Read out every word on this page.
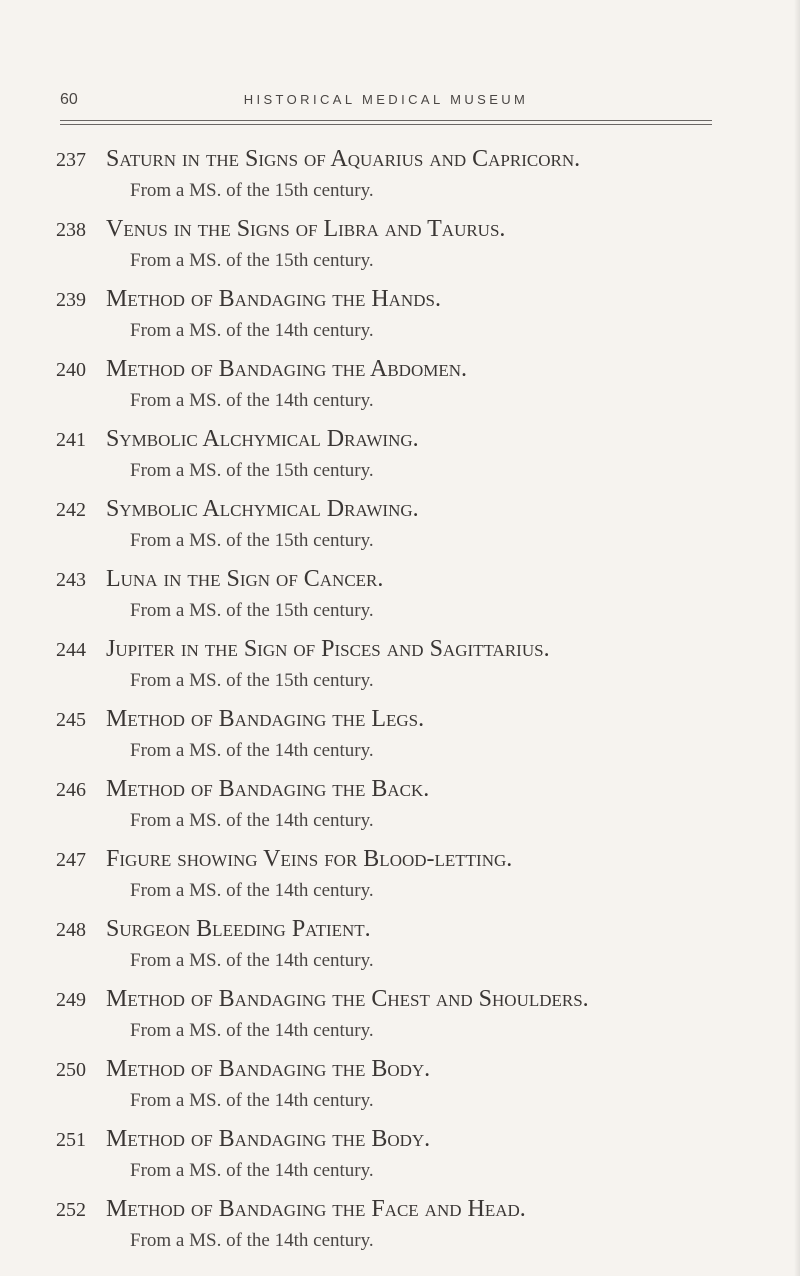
60	HISTORICAL MEDICAL MUSEUM
237 Saturn in the Signs of Aquarius and Capricorn.
From a MS. of the 15th century.
238 Venus in the Signs of Libra and Taurus.
From a MS. of the 15th century.
239 Method of Bandaging the Hands.
From a MS. of the 14th century.
240 Method of Bandaging the Abdomen.
From a MS. of the 14th century.
241 Symbolic Alchymical Drawing.
From a MS. of the 15th century.
242 Symbolic Alchymical Drawing.
From a MS. of the 15th century.
243 Luna in the Sign of Cancer.
From a MS. of the 15th century.
244 Jupiter in the Sign of Pisces and Sagittarius.
From a MS. of the 15th century.
245 Method of Bandaging the Legs.
From a MS. of the 14th century.
246 Method of Bandaging the Back.
From a MS. of the 14th century.
247 Figure showing Veins for Blood-letting.
From a MS. of the 14th century.
248 Surgeon Bleeding Patient.
From a MS. of the 14th century.
249 Method of Bandaging the Chest and Shoulders.
From a MS. of the 14th century.
250 Method of Bandaging the Body.
From a MS. of the 14th century.
251 Method of Bandaging the Body.
From a MS. of the 14th century.
252 Method of Bandaging the Face and Head.
From a MS. of the 14th century.
